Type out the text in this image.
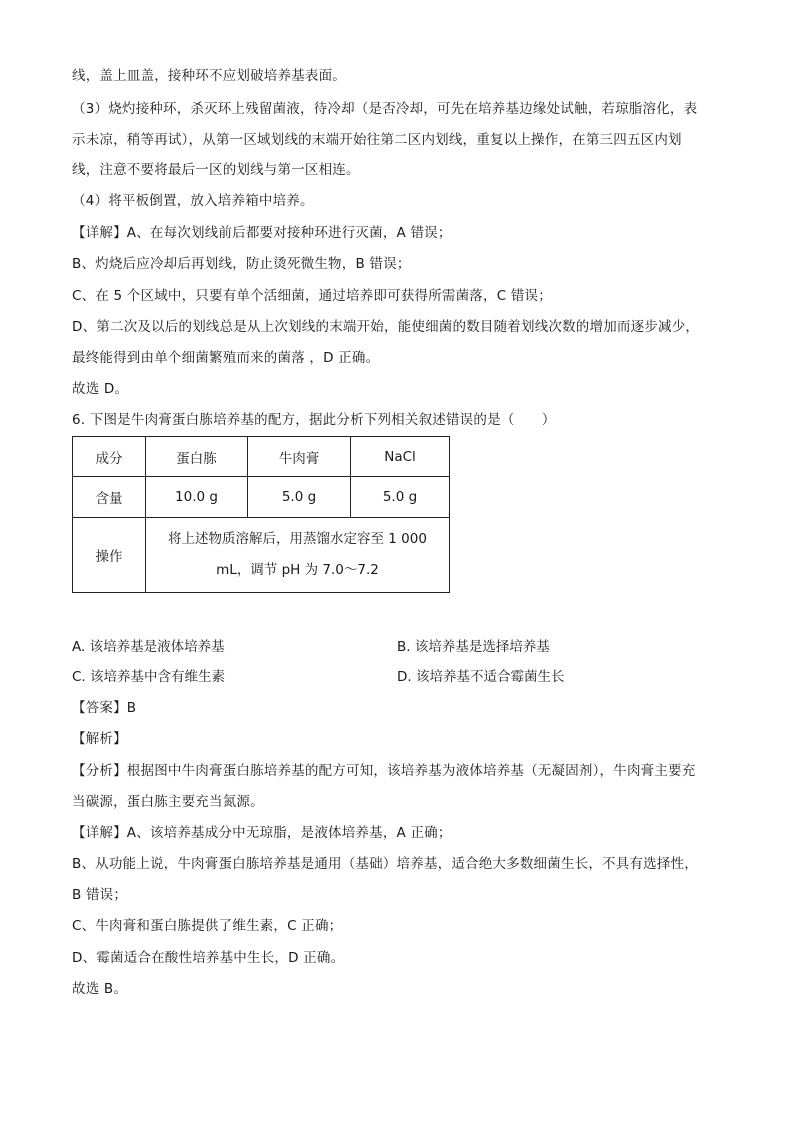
线，盖上皿盖，接种环不应划破培养基表面。
（3）烧灼接种环，杀灭环上残留菌液，待冷却（是否冷却，可先在培养基边缘处试触，若琼脂溶化，表
示未凉，稍等再试），从第一区域划线的末端开始往第二区内划线，重复以上操作，在第三四五区内划
线，注意不要将最后一区的划线与第一区相连。
（4）将平板倒置，放入培养箱中培养。
【详解】A、在每次划线前后都要对接种环进行灭菌，A 错误；
B、灼烧后应冷却后再划线，防止烫死微生物，B 错误；
C、在 5 个区域中，只要有单个活细菌，通过培养即可获得所需菌落，C 错误；
D、第二次及以后的划线总是从上次划线的末端开始，能使细菌的数目随着划线次数的增加而逐步减少，
最终能得到由单个细菌繁殖而来的菌落 ，D 正确。
故选 D。
6. 下图是牛肉膏蛋白胨培养基的配方，据此分析下列相关叙述错误的是（　　）
成分	蛋白胨	牛肉膏	NaCl
含量	10.0 g	5.0 g	5.0 g
操作	将上述物质溶解后，用蒸馏水定容至 1 000
mL，调节 pH 为 7.0～7.2		
A. 该培养基是液体培养基	B. 该培养基是选择培养基
C. 该培养基中含有维生素	D. 该培养基不适合霉菌生长
【答案】B
【解析】
【分析】根据图中牛肉膏蛋白胨培养基的配方可知，该培养基为液体培养基（无凝固剂），牛肉膏主要充
当碳源，蛋白胨主要充当氮源。
【详解】A、该培养基成分中无琼脂，是液体培养基，A 正确；
B、从功能上说，牛肉膏蛋白胨培养基是通用（基础）培养基，适合绝大多数细菌生长，不具有选择性，
B 错误；
C、牛肉膏和蛋白胨提供了维生素，C 正确；
D、霉菌适合在酸性培养基中生长，D 正确。
故选 B。
